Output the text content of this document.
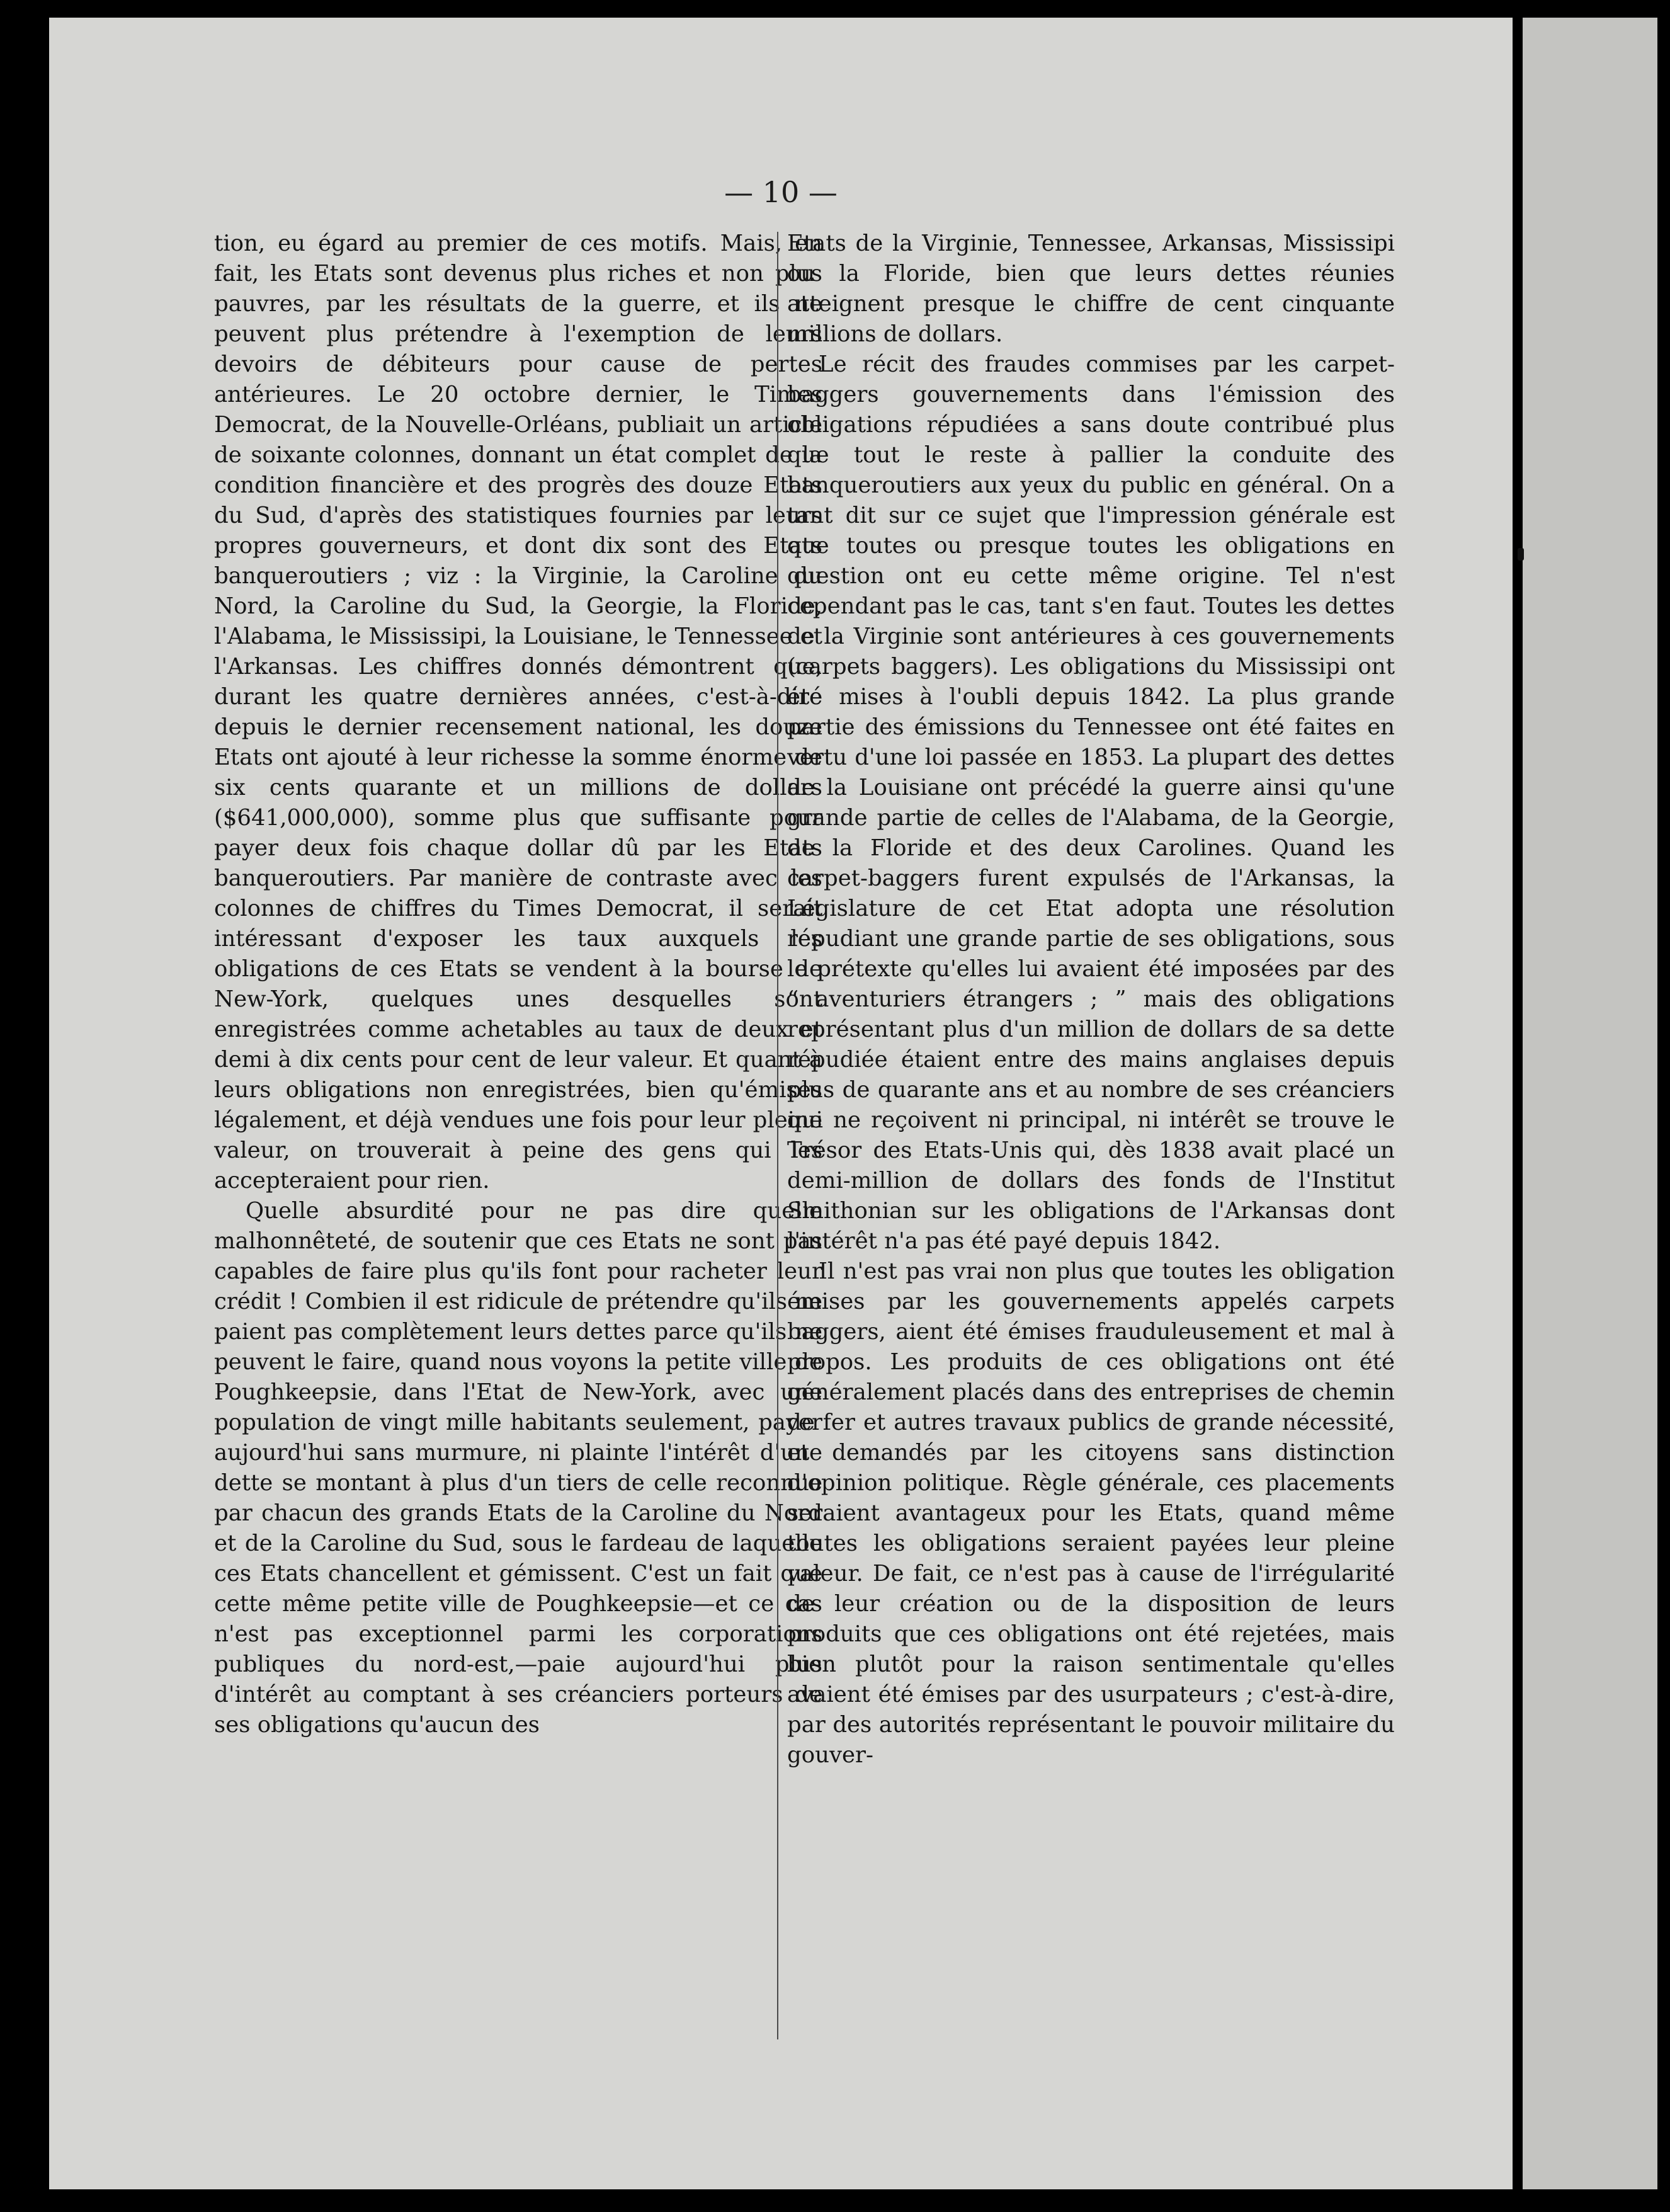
— 10 —

tion, eu égard au premier de ces motifs. Mais, en fait, les Etats sont devenus plus riches et non plus pauvres, par les résultats de la guerre, et ils ne peuvent plus prétendre à l'exemption de leurs devoirs de débiteurs pour cause de pertes antérieures. Le 20 octobre dernier, le Times Democrat, de la Nouvelle-Orléans, publiait un article de soixante colonnes, donnant un état complet de la condition financière et des progrès des douze Etats du Sud, d'après des statistiques fournies par leurs propres gouverneurs, et dont dix sont des Etats banqueroutiers ; viz : la Virginie, la Caroline du Nord, la Caroline du Sud, la Georgie, la Floride, l'Alabama, le Mississipi, la Louisiane, le Tennessee et l'Arkansas. Les chiffres donnés démontrent que, durant les quatre dernières années, c'est-à-dire depuis le dernier recensement national, les douze Etats ont ajouté à leur richesse la somme énorme de six cents quarante et un millions de dollars ($641,000,000), somme plus que suffisante pour payer deux fois chaque dollar dû par les Etats banqueroutiers. Par manière de contraste avec les colonnes de chiffres du Times Democrat, il serait intéressant d'exposer les taux auxquels les obligations de ces Etats se vendent à la bourse de New-York, quelques unes desquelles sont enregistrées comme achetables au taux de deux et demi à dix cents pour cent de leur valeur. Et quant à leurs obligations non enregistrées, bien qu'émises légalement, et déjà vendues une fois pour leur pleine valeur, on trouverait à peine des gens qui les accepteraient pour rien.

Quelle absurdité pour ne pas dire quelle malhonnêteté, de soutenir que ces Etats ne sont pas capables de faire plus qu'ils font pour racheter leur crédit ! Combien il est ridicule de prétendre qu'ils ne paient pas complètement leurs dettes parce qu'ils ne peuvent le faire, quand nous voyons la petite ville de Poughkeepsie, dans l'Etat de New-York, avec une population de vingt mille habitants seulement, payer aujourd'hui sans murmure, ni plainte l'intérêt d'une dette se montant à plus d'un tiers de celle reconnue par chacun des grands Etats de la Caroline du Nord et de la Caroline du Sud, sous le fardeau de laquelle ces Etats chancellent et gémissent. C'est un fait que cette même petite ville de Poughkeepsie—et ce cas n'est pas exceptionnel parmi les corporations publiques du nord-est,—paie aujourd'hui plus d'intérêt au comptant à ses créanciers porteurs de ses obligations qu'aucun des

Etats de la Virginie, Tennessee, Arkansas, Mississipi ou la Floride, bien que leurs dettes réunies atteignent presque le chiffre de cent cinquante millions de dollars.

Le récit des fraudes commises par les carpet-baggers gouvernements dans l'émission des obligations répudiées a sans doute contribué plus que tout le reste à pallier la conduite des banqueroutiers aux yeux du public en général. On a tant dit sur ce sujet que l'impression générale est que toutes ou presque toutes les obligations en question ont eu cette même origine. Tel n'est cependant pas le cas, tant s'en faut. Toutes les dettes de la Virginie sont antérieures à ces gouvernements (carpets baggers). Les obligations du Mississipi ont été mises à l'oubli depuis 1842. La plus grande partie des émissions du Tennessee ont été faites en vertu d'une loi passée en 1853. La plupart des dettes de la Louisiane ont précédé la guerre ainsi qu'une grande partie de celles de l'Alabama, de la Georgie, de la Floride et des deux Carolines. Quand les carpet-baggers furent expulsés de l'Arkansas, la Législature de cet Etat adopta une résolution répudiant une grande partie de ses obligations, sous le prétexte qu'elles lui avaient été imposées par des “ aventuriers étrangers ; ” mais des obligations représentant plus d'un million de dollars de sa dette répudiée étaient entre des mains anglaises depuis plus de quarante ans et au nombre de ses créanciers qui ne reçoivent ni principal, ni intérêt se trouve le Trésor des Etats-Unis qui, dès 1838 avait placé un demi-million de dollars des fonds de l'Institut Smithonian sur les obligations de l'Arkansas dont l'intérêt n'a pas été payé depuis 1842.

Il n'est pas vrai non plus que toutes les obligation émises par les gouvernements appelés carpets baggers, aient été émises frauduleusement et mal à propos. Les produits de ces obligations ont été généralement placés dans des entreprises de chemin de fer et autres travaux publics de grande nécessité, et demandés par les citoyens sans distinction d'opinion politique. Règle générale, ces placements seraient avantageux pour les Etats, quand même toutes les obligations seraient payées leur pleine valeur. De fait, ce n'est pas à cause de l'irrégularité de leur création ou de la disposition de leurs produits que ces obligations ont été rejetées, mais bien plutôt pour la raison sentimentale qu'elles avaient été émises par des usurpateurs ; c'est-à-dire, par des autorités représentant le pouvoir militaire du gouver-
